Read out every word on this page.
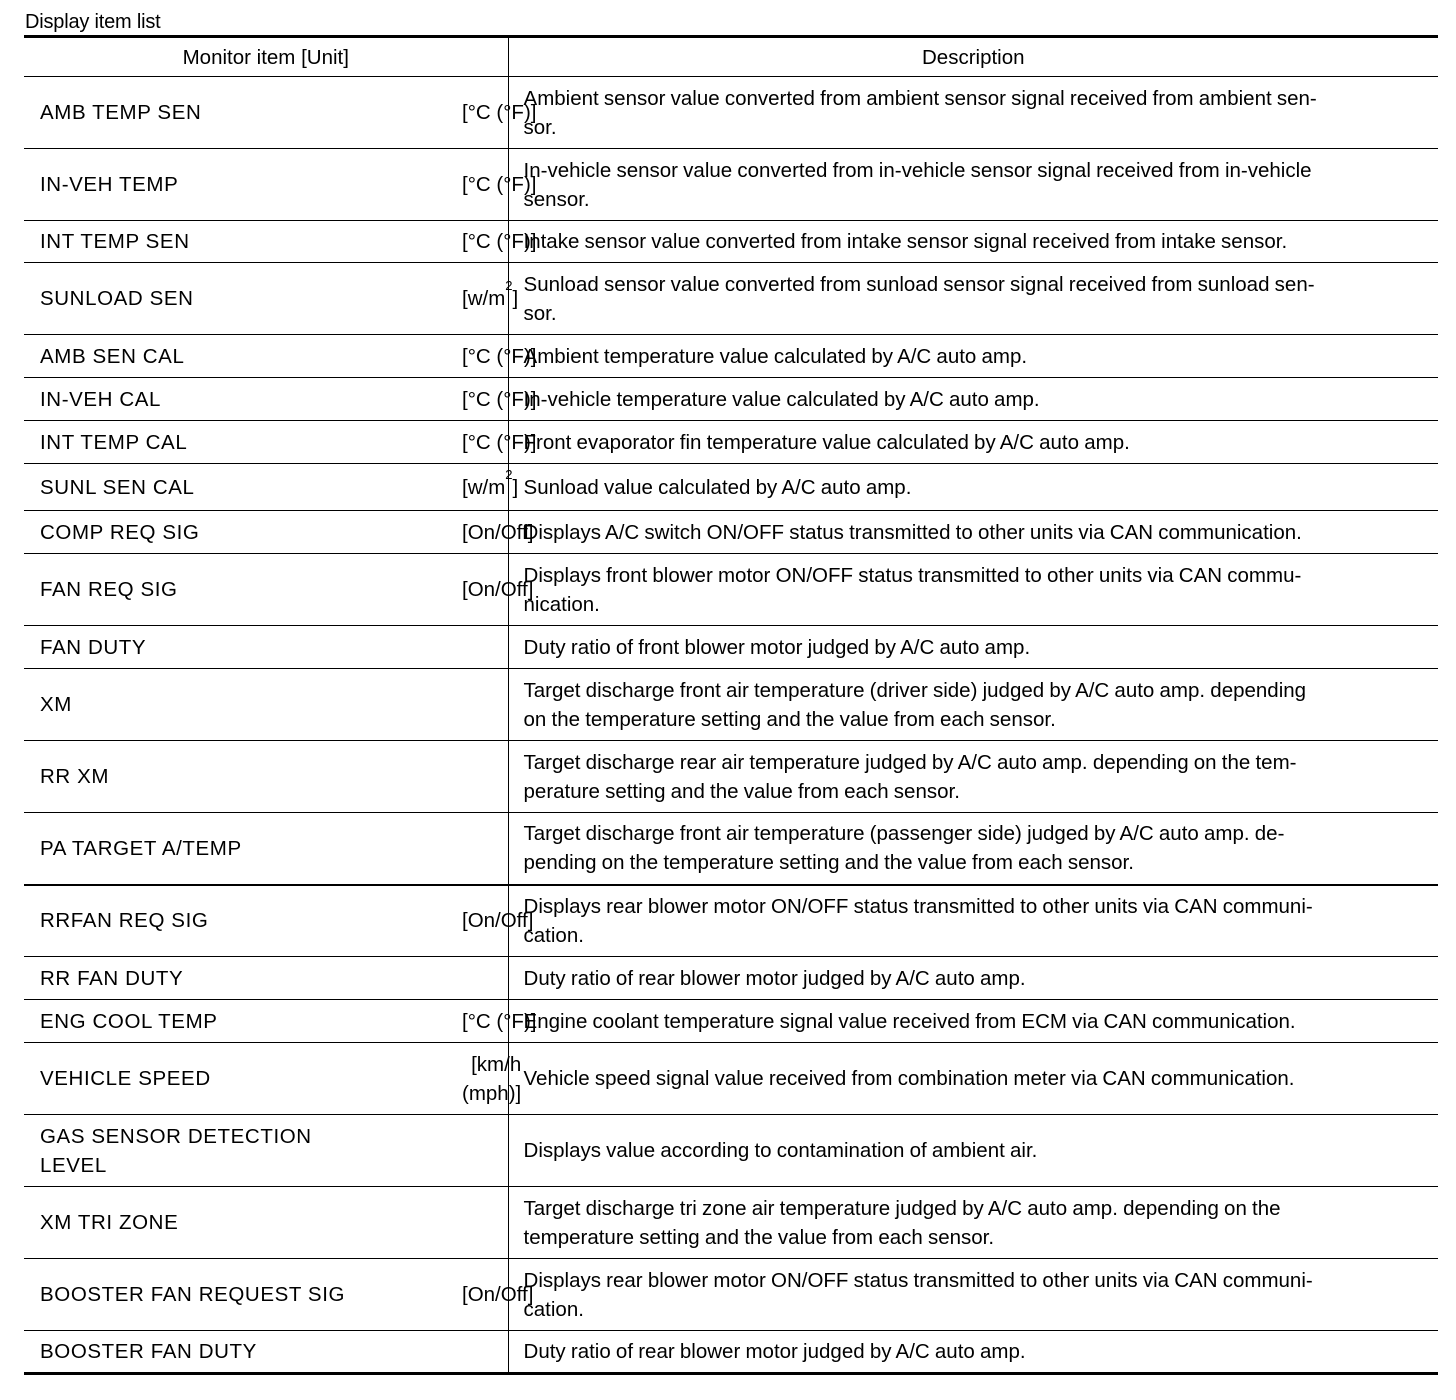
Display item list
Monitor item [Unit]		Description
AMB TEMP SEN	[°C (°F)]	Ambient sensor value converted from ambient sensor signal received from ambient sen-
sor.
IN-VEH TEMP	[°C (°F)]	In-vehicle sensor value converted from in-vehicle sensor signal received from in-vehicle
sensor.
INT TEMP SEN	[°C (°F)]	Intake sensor value converted from intake sensor signal received from intake sensor.
SUNLOAD SEN	$[w/m^2]$	Sunload sensor value converted from sunload sensor signal received from sunload sen-
sor.
AMB SEN CAL	[°C (°F)]	Ambient temperature value calculated by A/C auto amp.
IN-VEH CAL	[°C (°F)]	In-vehicle temperature value calculated by A/C auto amp.
INT TEMP CAL	[°C (°F)]	Front evaporator fin temperature value calculated by A/C auto amp.
SUNL SEN CAL	$[w/m^2]$	Sunload value calculated by A/C auto amp.
COMP REQ SIG	[On/Off]	Displays A/C switch ON/OFF status transmitted to other units via CAN communication.
FAN REQ SIG	[On/Off]	Displays front blower motor ON/OFF status transmitted to other units via CAN commu-
nication.
FAN DUTY		Duty ratio of front blower motor judged by A/C auto amp.
XM		Target discharge front air temperature (driver side) judged by A/C auto amp. depending
on the temperature setting and the value from each sensor.
RR XM		Target discharge rear air temperature judged by A/C auto amp. depending on the tem-
perature setting and the value from each sensor.
PA TARGET A/TEMP		Target discharge front air temperature (passenger side) judged by A/C auto amp. de-
pending on the temperature setting and the value from each sensor.
RRFAN REQ SIG	[On/Off]	Displays rear blower motor ON/OFF status transmitted to other units via CAN communi-
cation.
RR FAN DUTY		Duty ratio of rear blower motor judged by A/C auto amp.
ENG COOL TEMP	[°C (°F)]	Engine coolant temperature signal value received from ECM via CAN communication.
VEHICLE SPEED	[km/h
(mph)]	Vehicle speed signal value received from combination meter via CAN communication.
GAS SENSOR DETECTION
LEVEL		Displays value according to contamination of ambient air.
XM TRI ZONE		Target discharge tri zone air temperature judged by A/C auto amp. depending on the
temperature setting and the value from each sensor.
BOOSTER FAN REQUEST SIG	[On/Off]	Displays rear blower motor ON/OFF status transmitted to other units via CAN communi-
cation.
BOOSTER FAN DUTY		Duty ratio of rear blower motor judged by A/C auto amp.
